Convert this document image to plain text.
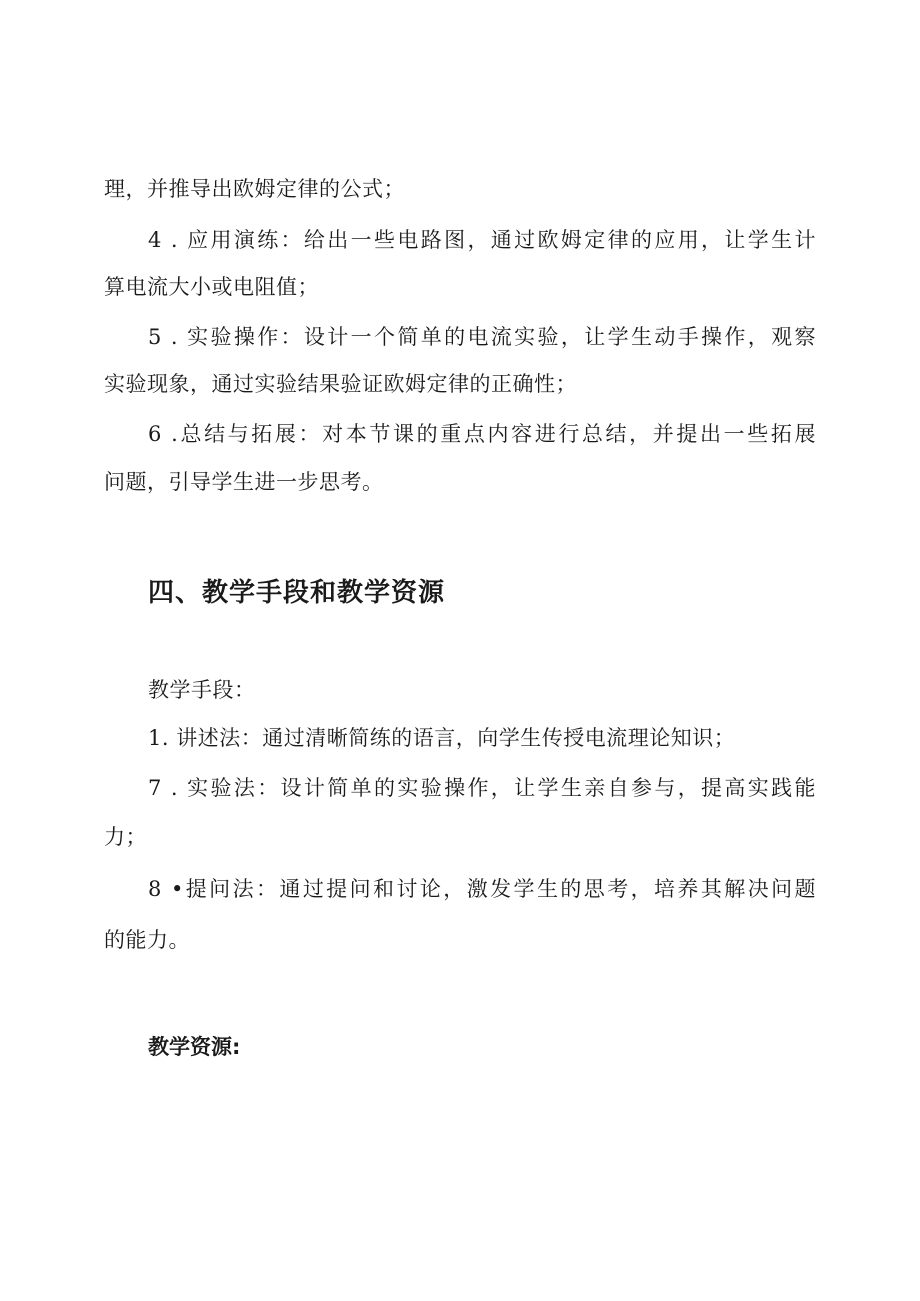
理，并推导出欧姆定律的公式；
4 . 应用演练：给出一些电路图，通过欧姆定律的应用，让学生计
算电流大小或电阻值；
5 . 实验操作：设计一个简单的电流实验，让学生动手操作，观察
实验现象，通过实验结果验证欧姆定律的正确性；
6 .总结与拓展：对本节课的重点内容进行总结，并提出一些拓展
问题，引导学生进一步思考。
四、教学手段和教学资源
教学手段：
1. 讲述法：通过清晰简练的语言，向学生传授电流理论知识；
7 . 实验法：设计简单的实验操作，让学生亲自参与，提高实践能
力；
8 •提问法：通过提问和讨论，激发学生的思考，培养其解决问题
的能力。
教学资源:
